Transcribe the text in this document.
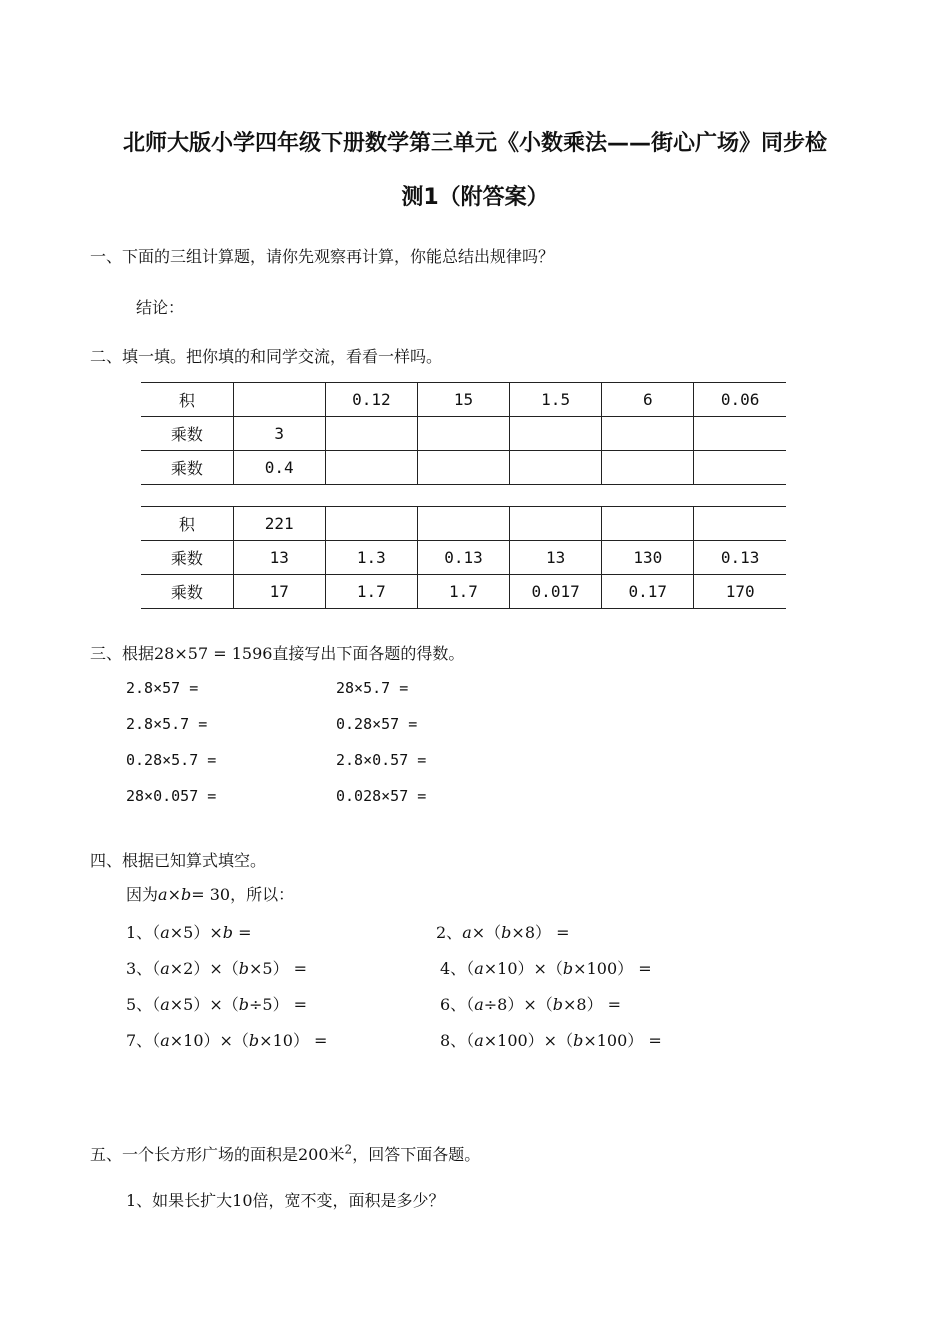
北师大版小学四年级下册数学第三单元《小数乘法——街心广场》同步检
测1（附答案）
一、下面的三组计算题，请你先观察再计算，你能总结出规律吗？
结论：
二、填一填。把你填的和同学交流，看看一样吗。
积		0.12	15	1.5	6	0.06
乘数	3					
乘数	0.4					
积	221					
乘数	13	1.3	0.13	13	130	0.13
乘数	17	1.7	1.7	0.017	0.17	170
三、根据28×57 = 1596直接写出下面各题的得数。
2.8×57 =	28×5.7 =
2.8×5.7 =	0.28×57 =
0.28×5.7 =	2.8×0.57 =
28×0.057 =	0.028×57 =
四、根据已知算式填空。
因为a×b= 30，所以：
1、（a×5）×b =	2、a×（b×8） =
3、（a×2）×（b×5） =	4、（a×10）×（b×100） =
5、（a×5）×（b÷5） =	6、（a÷8）×（b×8） =
7、（a×10）×（b×10） =	8、（a×100）×（b×100） =
五、一个长方形广场的面积是200米$^2$，回答下面各题。
1、如果长扩大10倍，宽不变，面积是多少？
